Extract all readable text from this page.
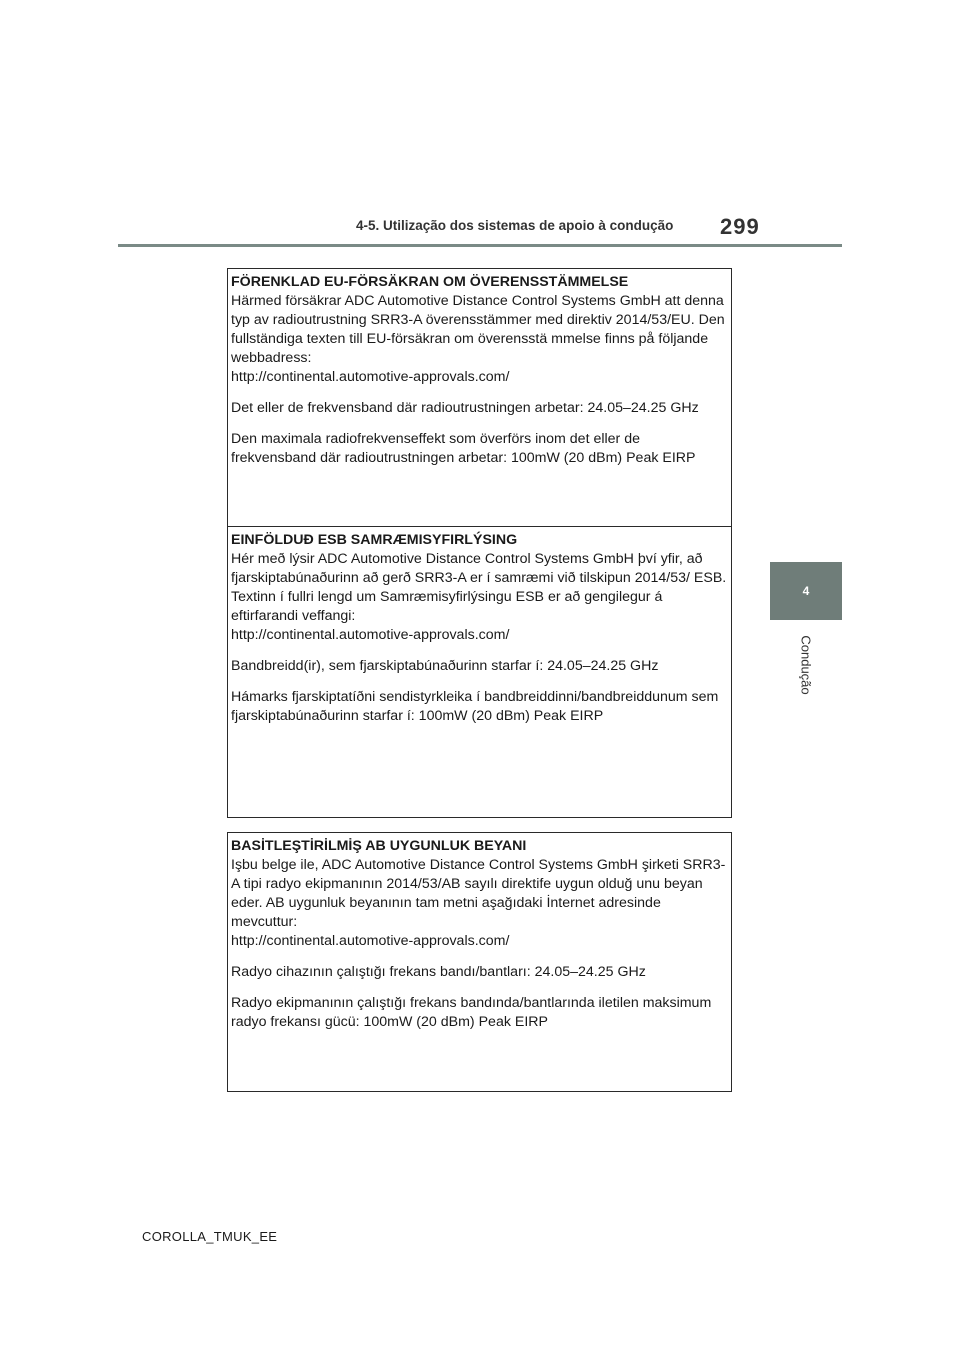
4-5. Utilização dos sistemas de apoio à condução 299
4
Condução
FÖRENKLAD EU-FÖRSÄKRAN OM ÖVERENSSTÄMMELSE

Härmed försäkrar ADC Automotive Distance Control Systems GmbH att denna typ av radioutrustning SRR3-A överensstämmer med direktiv 2014/53/EU. Den fullständiga texten till EU-försäkran om överensstä mmelse finns på följande webbadress:

http://continental.automotive-approvals.com/

Det eller de frekvensband där radioutrustningen arbetar: 24.05–24.25 GHz

Den maximala radiofrekvenseffekt som överförs inom det eller de frekvensband där radioutrustningen arbetar: 100mW (20 dBm) Peak EIRP

EINFÖLDUÐ ESB SAMRÆMISYFIRLÝSING

Hér með lýsir ADC Automotive Distance Control Systems GmbH því yfir, að fjarskiptabúnaðurinn að gerð SRR3-A er í samræmi við tilskipun 2014/53/ ESB. Textinn í fullri lengd um Samræmisyfirlýsingu ESB er að gengilegur á eftirfarandi veffangi:

http://continental.automotive-approvals.com/

Bandbreidd(ir), sem fjarskiptabúnaðurinn starfar í: 24.05–24.25 GHz

Hámarks fjarskiptatíðni sendistyrkleika í bandbreiddinni/bandbreiddunum sem fjarskiptabúnaðurinn starfar í: 100mW (20 dBm) Peak EIRP

BASİTLEŞTİRİLMİŞ AB UYGUNLUK BEYANI

Işbu belge ile, ADC Automotive Distance Control Systems GmbH şirketi SRR3-A tipi radyo ekipmanının 2014/53/AB sayılı direktife uygun olduğ unu beyan eder. AB uygunluk beyanının tam metni aşağıdaki İnternet adresinde mevcuttur:

http://continental.automotive-approvals.com/

Radyo cihazının çalıştığı frekans bandı/bantları: 24.05–24.25 GHz

Radyo ekipmanının çalıştığı frekans bandında/bantlarında iletilen maksimum radyo frekansı gücü: 100mW (20 dBm) Peak EIRP

COROLLA_TMUK_EE
